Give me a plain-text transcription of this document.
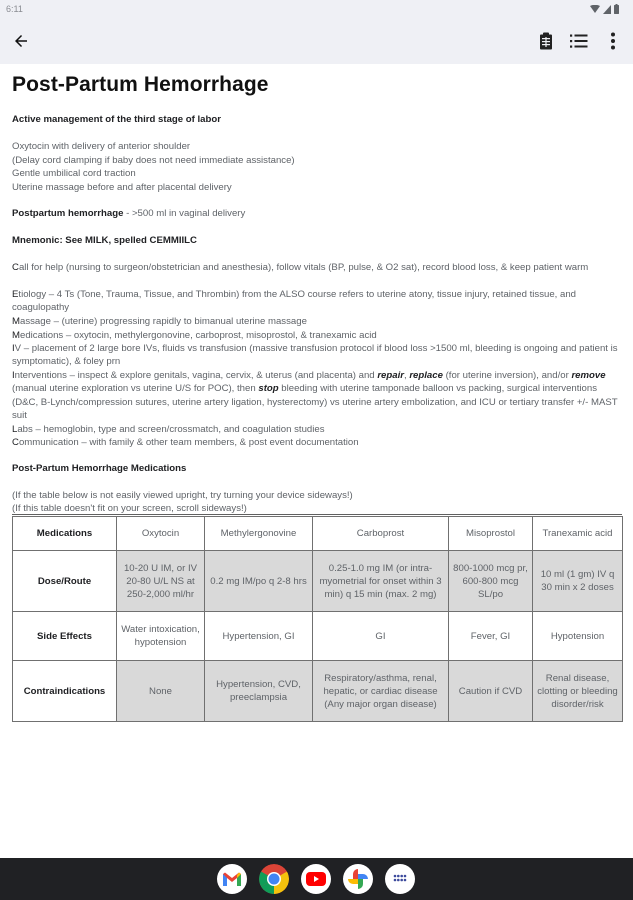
6:11
Post-Partum Hemorrhage
Active management of the third stage of labor
Oxytocin with delivery of anterior shoulder
(Delay cord clamping if baby does not need immediate assistance)
Gentle umbilical cord traction
Uterine massage before and after placental delivery
Postpartum hemorrhage - >500 ml in vaginal delivery
Mnemonic: See MILK, spelled CEMMIILC
Call for help (nursing to surgeon/obstetrician and anesthesia), follow vitals (BP, pulse, & O2 sat), record blood loss, & keep patient warm
Etiology – 4 Ts (Tone, Trauma, Tissue, and Thrombin) from the ALSO course refers to uterine atony, tissue injury, retained tissue, and coagulopathy
Massage – (uterine) progressing rapidly to bimanual uterine massage
Medications – oxytocin, methylergonovine, carboprost, misoprostol, & tranexamic acid
IV – placement of 2 large bore IVs, fluids vs transfusion (massive transfusion protocol if blood loss >1500 ml, bleeding is ongoing and patient is symptomatic), & foley prn
Interventions – inspect & explore genitals, vagina, cervix, & uterus (and placenta) and repair, replace (for uterine inversion), and/or remove (manual uterine exploration vs uterine U/S for POC), then stop bleeding with uterine tamponade balloon vs packing, surgical interventions (D&C, B-Lynch/compression sutures, uterine artery ligation, hysterectomy) vs uterine artery embolization, and ICU or tertiary transfer +/- MAST suit
Labs – hemoglobin, type and screen/crossmatch, and coagulation studies
Communication – with family & other team members, & post event documentation
Post-Partum Hemorrhage Medications
(If the table below is not easily viewed upright, try turning your device sideways!)
(If this table doesn't fit on your screen, scroll sideways!)
Medications	Oxytocin	Methylergonovine	Carboprost	Misoprostol	Tranexamic acid
Dose/Route	10-20 U IM, or IV 20-80 U/L NS at 250-2,000 ml/hr	0.2 mg IM/po q 2-8 hrs	0.25-1.0 mg IM (or intra-myometrial for onset within 3 min) q 15 min (max. 2 mg)	800-1000 mcg pr, 600-800 mcg SL/po	10 ml (1 gm) IV q 30 min x 2 doses
Side Effects	Water intoxication, hypotension	Hypertension, GI	GI	Fever, GI	Hypotension
Contraindications	None	Hypertension, CVD, preeclampsia	Respiratory/asthma, renal, hepatic, or cardiac disease (Any major organ disease)	Caution if CVD	Renal disease, clotting or bleeding disorder/risk
